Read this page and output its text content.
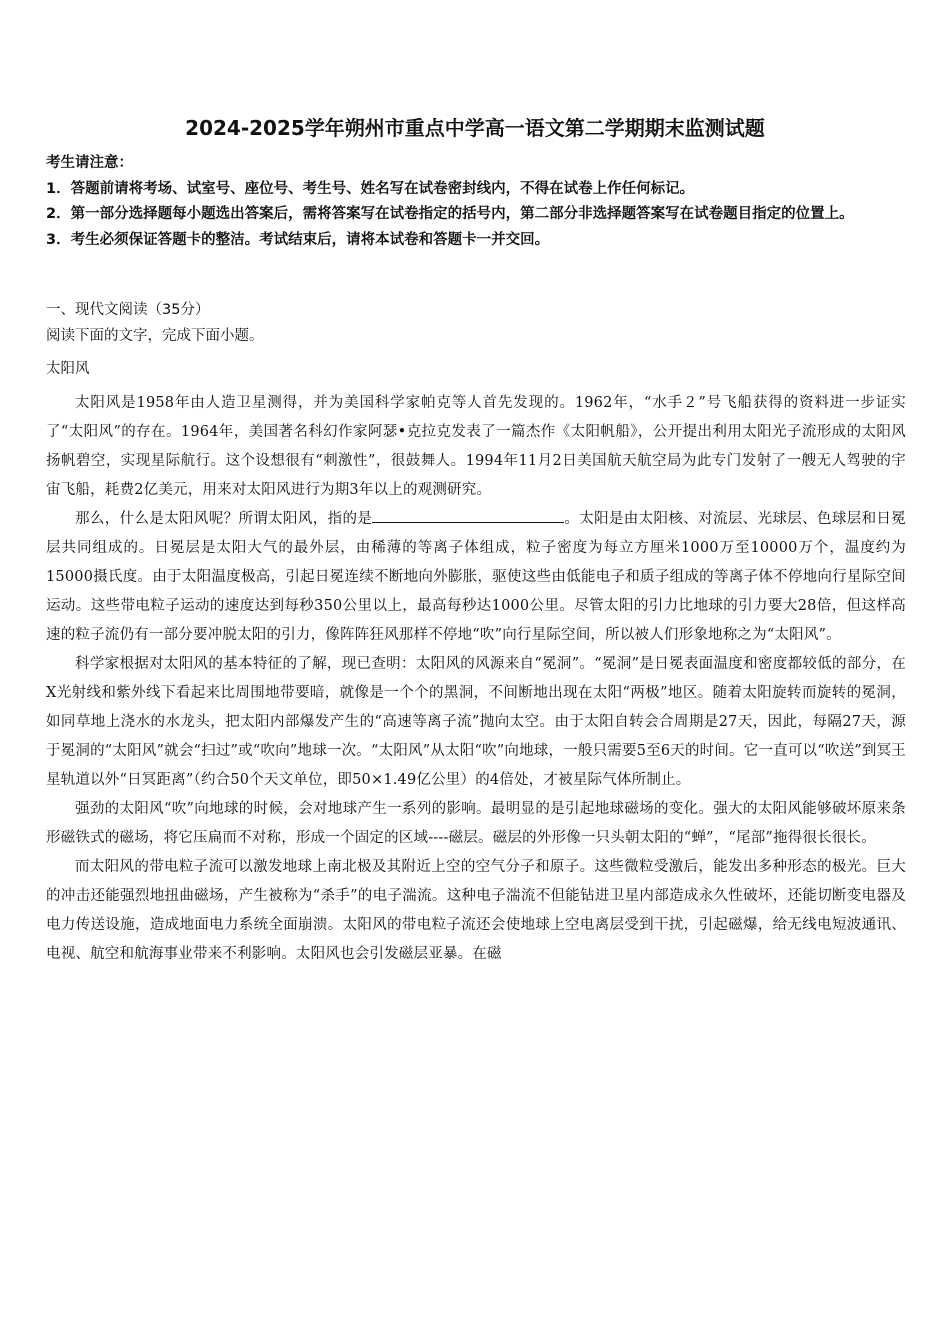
2024-2025学年朔州市重点中学高一语文第二学期期末监测试题

考生请注意：

1．答题前请将考场、试室号、座位号、考生号、姓名写在试卷密封线内，不得在试卷上作任何标记。

2．第一部分选择题每小题选出答案后，需将答案写在试卷指定的括号内，第二部分非选择题答案写在试卷题目指定的位置上。

3．考生必须保证答题卡的整洁。考试结束后，请将本试卷和答题卡一并交回。

一、现代文阅读（35分）

阅读下面的文字，完成下面小题。
太阳风

太阳风是1958年由人造卫星测得，并为美国科学家帕克等人首先发现的。1962年，“水手２”号飞船获得的资料进一步证实了“太阳风”的存在。1964年，美国著名科幻作家阿瑟•克拉克发表了一篇杰作《太阳帆船》，公开提出利用太阳光子流形成的太阳风扬帆碧空，实现星际航行。这个设想很有“刺激性”，很鼓舞人。1994年11月2日美国航天航空局为此专门发射了一艘无人驾驶的宇宙飞船，耗费2亿美元，用来对太阳风进行为期3年以上的观测研究。

那么，什么是太阳风呢？所谓太阳风，指的是	。太阳是由太阳核、对流层、光球层、色球层和日冕层共同组成的。日冕层是太阳大气的最外层，由稀薄的等离子体组成，粒子密度为每立方厘米1000万至10000万个，温度约为15000摄氏度。由于太阳温度极高，引起日冕连续不断地向外膨胀，驱使这些由低能电子和质子组成的等离子体不停地向行星际空间运动。这些带电粒子运动的速度达到每秒350公里以上，最高每秒达1000公里。尽管太阳的引力比地球的引力要大28倍，但这样高速的粒子流仍有一部分要冲脱太阳的引力，像阵阵狂风那样不停地“吹”向行星际空间，所以被人们形象地称之为“太阳风”。

科学家根据对太阳风的基本特征的了解，现已查明：太阳风的风源来自“冕洞”。“冕洞”是日冕表面温度和密度都较低的部分，在X光射线和紫外线下看起来比周围地带要暗，就像是一个个的黑洞，不间断地出现在太阳“两极”地区。随着太阳旋转而旋转的冕洞，如同草地上浇水的水龙头，把太阳内部爆发产生的“高速等离子流”抛向太空。由于太阳自转会合周期是27天，因此，每隔27天，源于冕洞的“太阳风”就会“扫过”或“吹向”地球一次。“太阳风”从太阳“吹”向地球，一般只需要5至6天的时间。它一直可以“吹送”到冥王星轨道以外“日冥距离”（约合50个天文单位，即50×1.49亿公里）的4倍处，才被星际气体所制止。

强劲的太阳风“吹”向地球的时候，会对地球产生一系列的影响。最明显的是引起地球磁场的变化。强大的太阳风能够破坏原来条形磁铁式的磁场，将它压扁而不对称，形成一个固定的区域----磁层。磁层的外形像一只头朝太阳的“蝉”，“尾部”拖得很长很长。

而太阳风的带电粒子流可以激发地球上南北极及其附近上空的空气分子和原子。这些微粒受激后，能发出多种形态的极光。巨大的冲击还能强烈地扭曲磁场，产生被称为“杀手”的电子湍流。这种电子湍流不但能钻进卫星内部造成永久性破坏，还能切断变电器及电力传送设施，造成地面电力系统全面崩溃。太阳风的带电粒子流还会使地球上空电离层受到干扰，引起磁爆，给无线电短波通讯、电视、航空和航海事业带来不利影响。太阳风也会引发磁层亚暴。在磁
